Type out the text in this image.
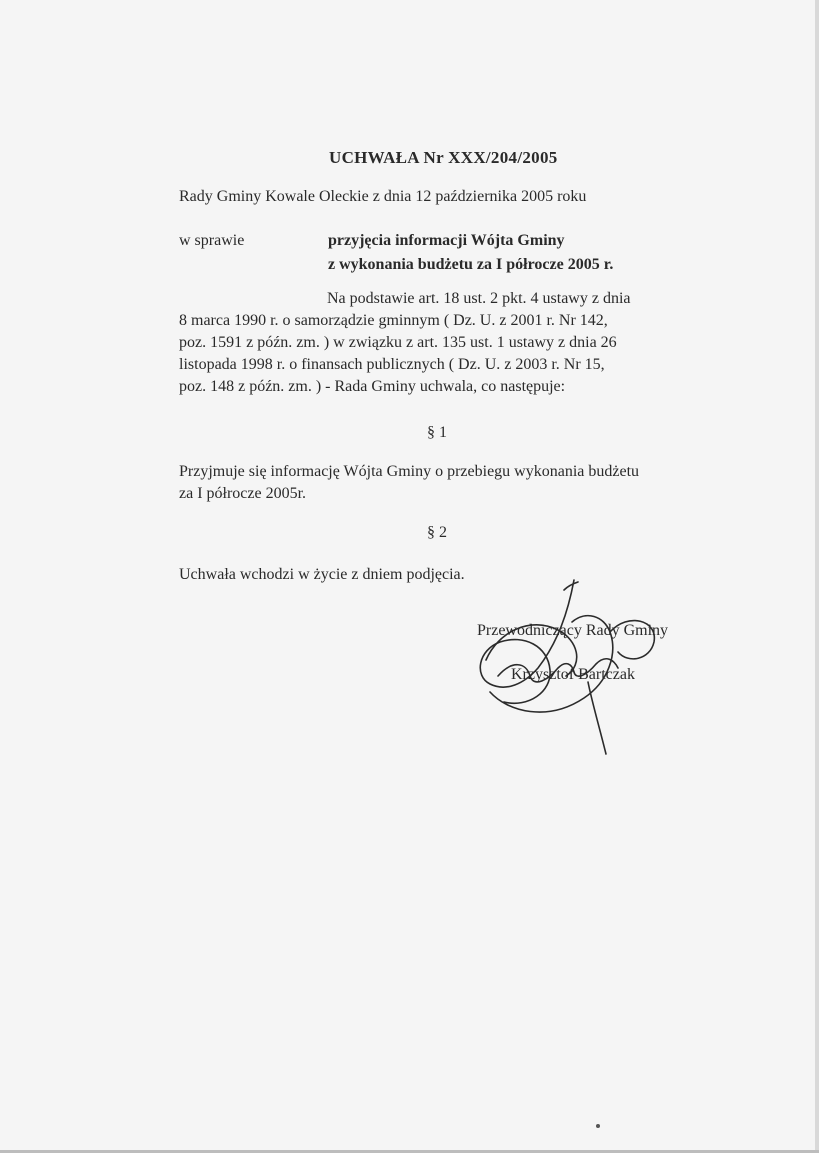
UCHWAŁA Nr XXX/204/2005
Rady Gminy Kowale Oleckie z dnia 12 października 2005 roku
w sprawie	przyjęcia informacji Wójta Gminy
z wykonania budżetu za I półrocze 2005 r.
Na podstawie art. 18 ust. 2 pkt. 4 ustawy z dnia
8 marca 1990 r. o samorządzie gminnym ( Dz. U. z 2001 r. Nr 142,
poz. 1591 z późn. zm. ) w związku z art. 135 ust. 1 ustawy z dnia 26
listopada 1998 r. o finansach publicznych ( Dz. U. z 2003 r. Nr 15,
poz. 148 z późn. zm. ) - Rada Gminy uchwala, co następuje:
§ 1
Przyjmuje się informację Wójta Gminy o przebiegu wykonania budżetu
za I półrocze 2005r.
§ 2
Uchwała wchodzi w życie z dniem podjęcia.
Przewodniczący Rady Gminy
Krzysztof Bartczak
